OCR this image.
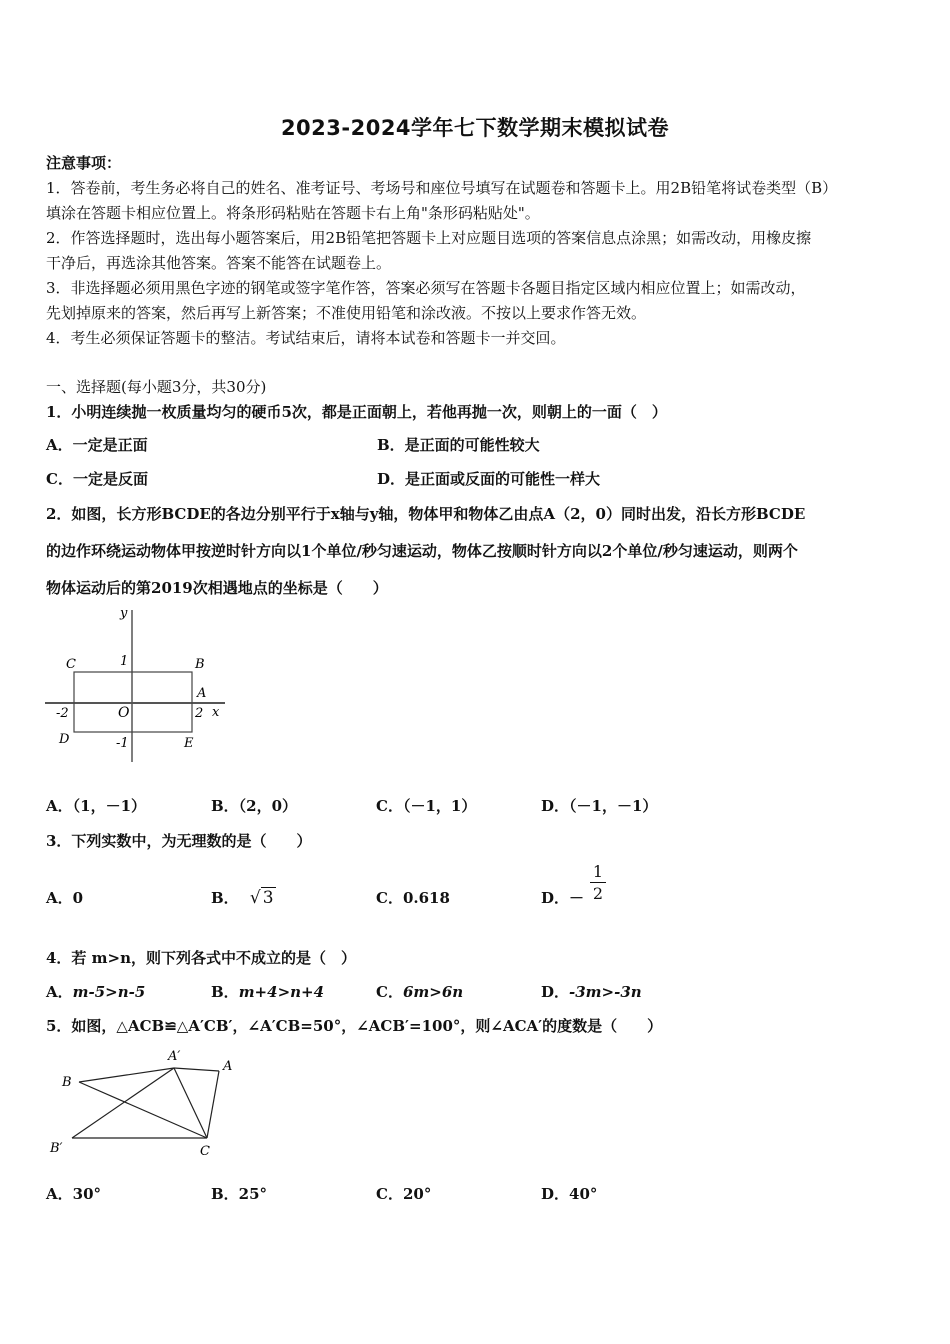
2023-2024学年七下数学期末模拟试卷
注意事项：
1．答卷前，考生务必将自己的姓名、准考证号、考场号和座位号填写在试题卷和答题卡上。用2B铅笔将试卷类型（B）
填涂在答题卡相应位置上。将条形码粘贴在答题卡右上角"条形码粘贴处"。
2．作答选择题时，选出每小题答案后，用2B铅笔把答题卡上对应题目选项的答案信息点涂黑；如需改动，用橡皮擦
干净后，再选涂其他答案。答案不能答在试题卷上。
3．非选择题必须用黑色字迹的钢笔或签字笔作答，答案必须写在答题卡各题目指定区域内相应位置上；如需改动，
先划掉原来的答案，然后再写上新答案；不准使用铅笔和涂改液。不按以上要求作答无效。
4．考生必须保证答题卡的整洁。考试结束后，请将本试卷和答题卡一并交回。
一、选择题(每小题3分，共30分)
1．小明连续抛一枚质量均匀的硬币5次，都是正面朝上，若他再抛一次，则朝上的一面（　）
A．一定是正面	B．是正面的可能性较大
C．一定是反面	D．是正面或反面的可能性一样大
2．如图，长方形BCDE的各边分别平行于x轴与y轴，物体甲和物体乙由点A（2，0）同时出发，沿长方形BCDE
的边作环绕运动物体甲按逆时针方向以1个单位/秒匀速运动，物体乙按顺时针方向以2个单位/秒匀速运动，则两个
物体运动后的第2019次相遇地点的坐标是（　　）
y
x
C	B
A
D	E
O
1
-1
2
-2
A．（1，－1）	B．（2，0）	C．（－1，1）	D．（－1，－1）
3．下列实数中，为无理数的是（　　）
A．0	B． √ 3	C．0.618	D．－
1
2
4．若 m>n，则下列各式中不成立的是（　）
A．m-5>n-5	B．m+4>n+4	C．6m>6n	D．-3m>-3n
5．如图，△ACB≌△A′CB′，∠A′CB=50°，∠ACB′=100°，则∠ACA′的度数是（　　）
A′
A
B
B′	C
A．30°	B．25°	C．20°	D．40°
